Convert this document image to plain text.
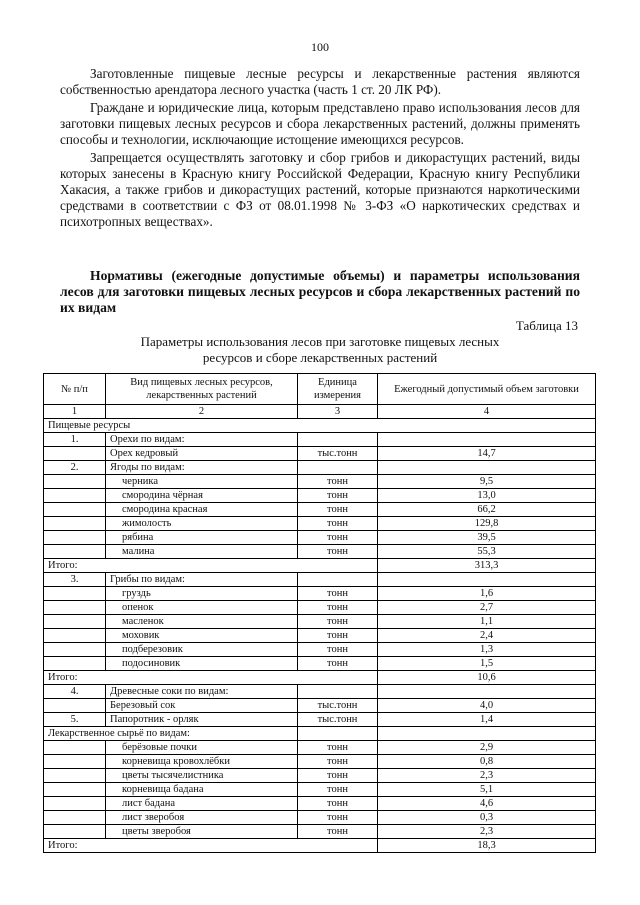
100

Заготовленные пищевые лесные ресурсы и лекарственные растения являются собственностью арендатора лесного участка (часть 1 ст. 20 ЛК РФ).

Граждане и юридические лица, которым представлено право использования лесов для заготовки пищевых лесных ресурсов и сбора лекарственных растений, должны применять способы и технологии, исключающие истощение имеющихся ресурсов.

Запрещается осуществлять заготовку и сбор грибов и дикорастущих растений, виды которых занесены в Красную книгу Российской Федерации, Красную книгу Республики Хакасия, а также грибов и дикорастущих растений, которые признаются наркотическими средствами в соответствии с ФЗ от 08.01.1998 № 3-ФЗ «О наркотических средствах и психотропных веществах».

Нормативы (ежегодные допустимые объемы) и параметры использования лесов для заготовки пищевых лесных ресурсов и сбора лекарственных растений по их видам

Таблица 13
Параметры использования лесов при заготовке пищевых лесных
ресурсов и сборе лекарственных растений
№ п/п	Вид пищевых лесных ресурсов, лекарственных растений	Единица измерения	Ежегодный допустимый объем заготовки
1	2	3	4
Пищевые ресурсы			
1.	Орехи по видам:		
	Орех кедровый	тыс.тонн	14,7
2.	Ягоды по видам:		
	черника	тонн	9,5
	смородина чёрная	тонн	13,0
	смородина красная	тонн	66,2
	жимолость	тонн	129,8
	рябина	тонн	39,5
	малина	тонн	55,3
Итого:			313,3
3.	Грибы по видам:		
	груздь	тонн	1,6
	опенок	тонн	2,7
	масленок	тонн	1,1
	моховик	тонн	2,4
	подберезовик	тонн	1,3
	подосиновик	тонн	1,5
Итого:			10,6
4.	Древесные соки по видам:		
	Березовый сок	тыс.тонн	4,0
5.	Папоротник - орляк	тыс.тонн	1,4
Лекарственное сырьё по видам:			
	берёзовые почки	тонн	2,9
	корневища кровохлёбки	тонн	0,8
	цветы тысячелистника	тонн	2,3
	корневища бадана	тонн	5,1
	лист бадана	тонн	4,6
	лист зверобоя	тонн	0,3
	цветы зверобоя	тонн	2,3
Итого:			18,3
